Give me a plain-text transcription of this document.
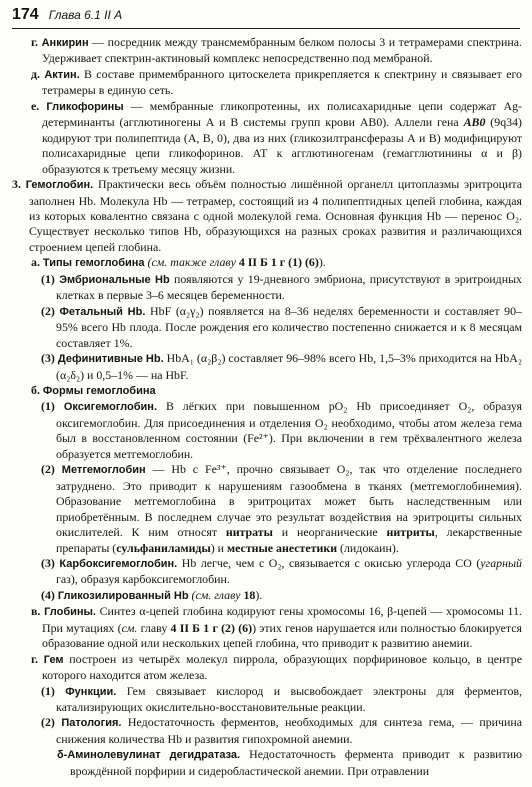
174 Глава 6.1 II А

г. Анкирин — посредник между трансмембранным белком полосы 3 и тетрамерами спектрина. Удерживает спектрин-актиновый комплекс непосредственно под мембраной.

д. Актин. В составе примембранного цитоскелета прикрепляется к спектрину и связывает его тетрамеры в единую сеть.

е. Гликофорины — мембранные гликопротеины, их полисахаридные цепи содержат Ag-детерминанты (агглютиногены А и В системы групп крови АВ0). Аллели гена AB0 (9q34) кодируют три полипептида (A, B, 0), два из них (гликозилтрансферазы А и В) модифицируют полисахаридные цепи гликофоринов. АТ к агглютиногенам (гемагглютинины α и β) образуются к третьему месяцу жизни.

3. Гемоглобин. Практически весь объём полностью лишённой органелл цитоплазмы эритроцита заполнен Hb. Молекула Hb — тетрамер, состоящий из 4 полипептидных цепей глобина, каждая из которых ковалентно связана с одной молекулой гема. Основная функция Hb — перенос O₂. Существует несколько типов Hb, образующихся на разных сроках развития и различающихся строением цепей глобина.

а. Типы гемоглобина (см. также главу 4 II Б 1 г (1) (6)).

(1) Эмбриональные Hb появляются у 19-дневного эмбриона, присутствуют в эритроидных клетках в первые 3–6 месяцев беременности.

(2) Фетальный Hb. HbF (α₂γ₂) появляется на 8–36 неделях беременности и составляет 90–95% всего Hb плода. После рождения его количество постепенно снижается и к 8 месяцам составляет 1%.

(3) Дефинитивные Hb. HbA₁ (α₂β₂) составляет 96–98% всего Hb, 1,5–3% приходится на HbA₂ (α₂δ₂) и 0,5–1% — на HbF.

б. Формы гемоглобина

(1) Оксигемоглобин. В лёгких при повышенном pO₂ Hb присоединяет O₂, образуя оксигемоглобин. Для присоединения и отделения O₂ необходимо, чтобы атом железа гема был в восстановленном состоянии (Fe²⁺). При включении в гем трёхвалентного железа образуется метгемоглобин.

(2) Метгемоглобин — Hb с Fe³⁺, прочно связывает O₂, так что отделение последнего затруднено. Это приводит к нарушениям газообмена в тканях (метгемоглобинемия). Образование метгемоглобина в эритроцитах может быть наследственным или приобретённым. В последнем случае это результат воздействия на эритроциты сильных окислителей. К ним относят нитраты и неорганические нитриты, лекарственные препараты (сульфаниламиды) и местные анестетики (лидокаин).

(3) Карбоксигемоглобин. Hb легче, чем с O₂, связывается с окисью углерода CO (угарный газ), образуя карбоксигемоглобин.

(4) Гликозилированный Hb (см. главу 18).

в. Глобины. Синтез α-цепей глобина кодируют гены хромосомы 16, β-цепей — хромосомы 11. При мутациях (см. главу 4 II Б 1 г (2) (6)) этих генов нарушается или полностью блокируется образование одной или нескольких цепей глобина, что приводит к развитию анемии.

г. Гем построен из четырёх молекул пиррола, образующих порфириновое кольцо, в центре которого находится атом железа.

(1) Функции. Гем связывает кислород и высвобождает электроны для ферментов, катализирующих окислительно-восстановительные реакции.

(2) Патология. Недостаточность ферментов, необходимых для синтеза гема, — причина снижения количества Hb и развития гипохромной анемии.

δ-Аминолевулинат дегидратаза. Недостаточность фермента приводит к развитию врождённой порфирии и сидеробластической анемии. При отравлении
